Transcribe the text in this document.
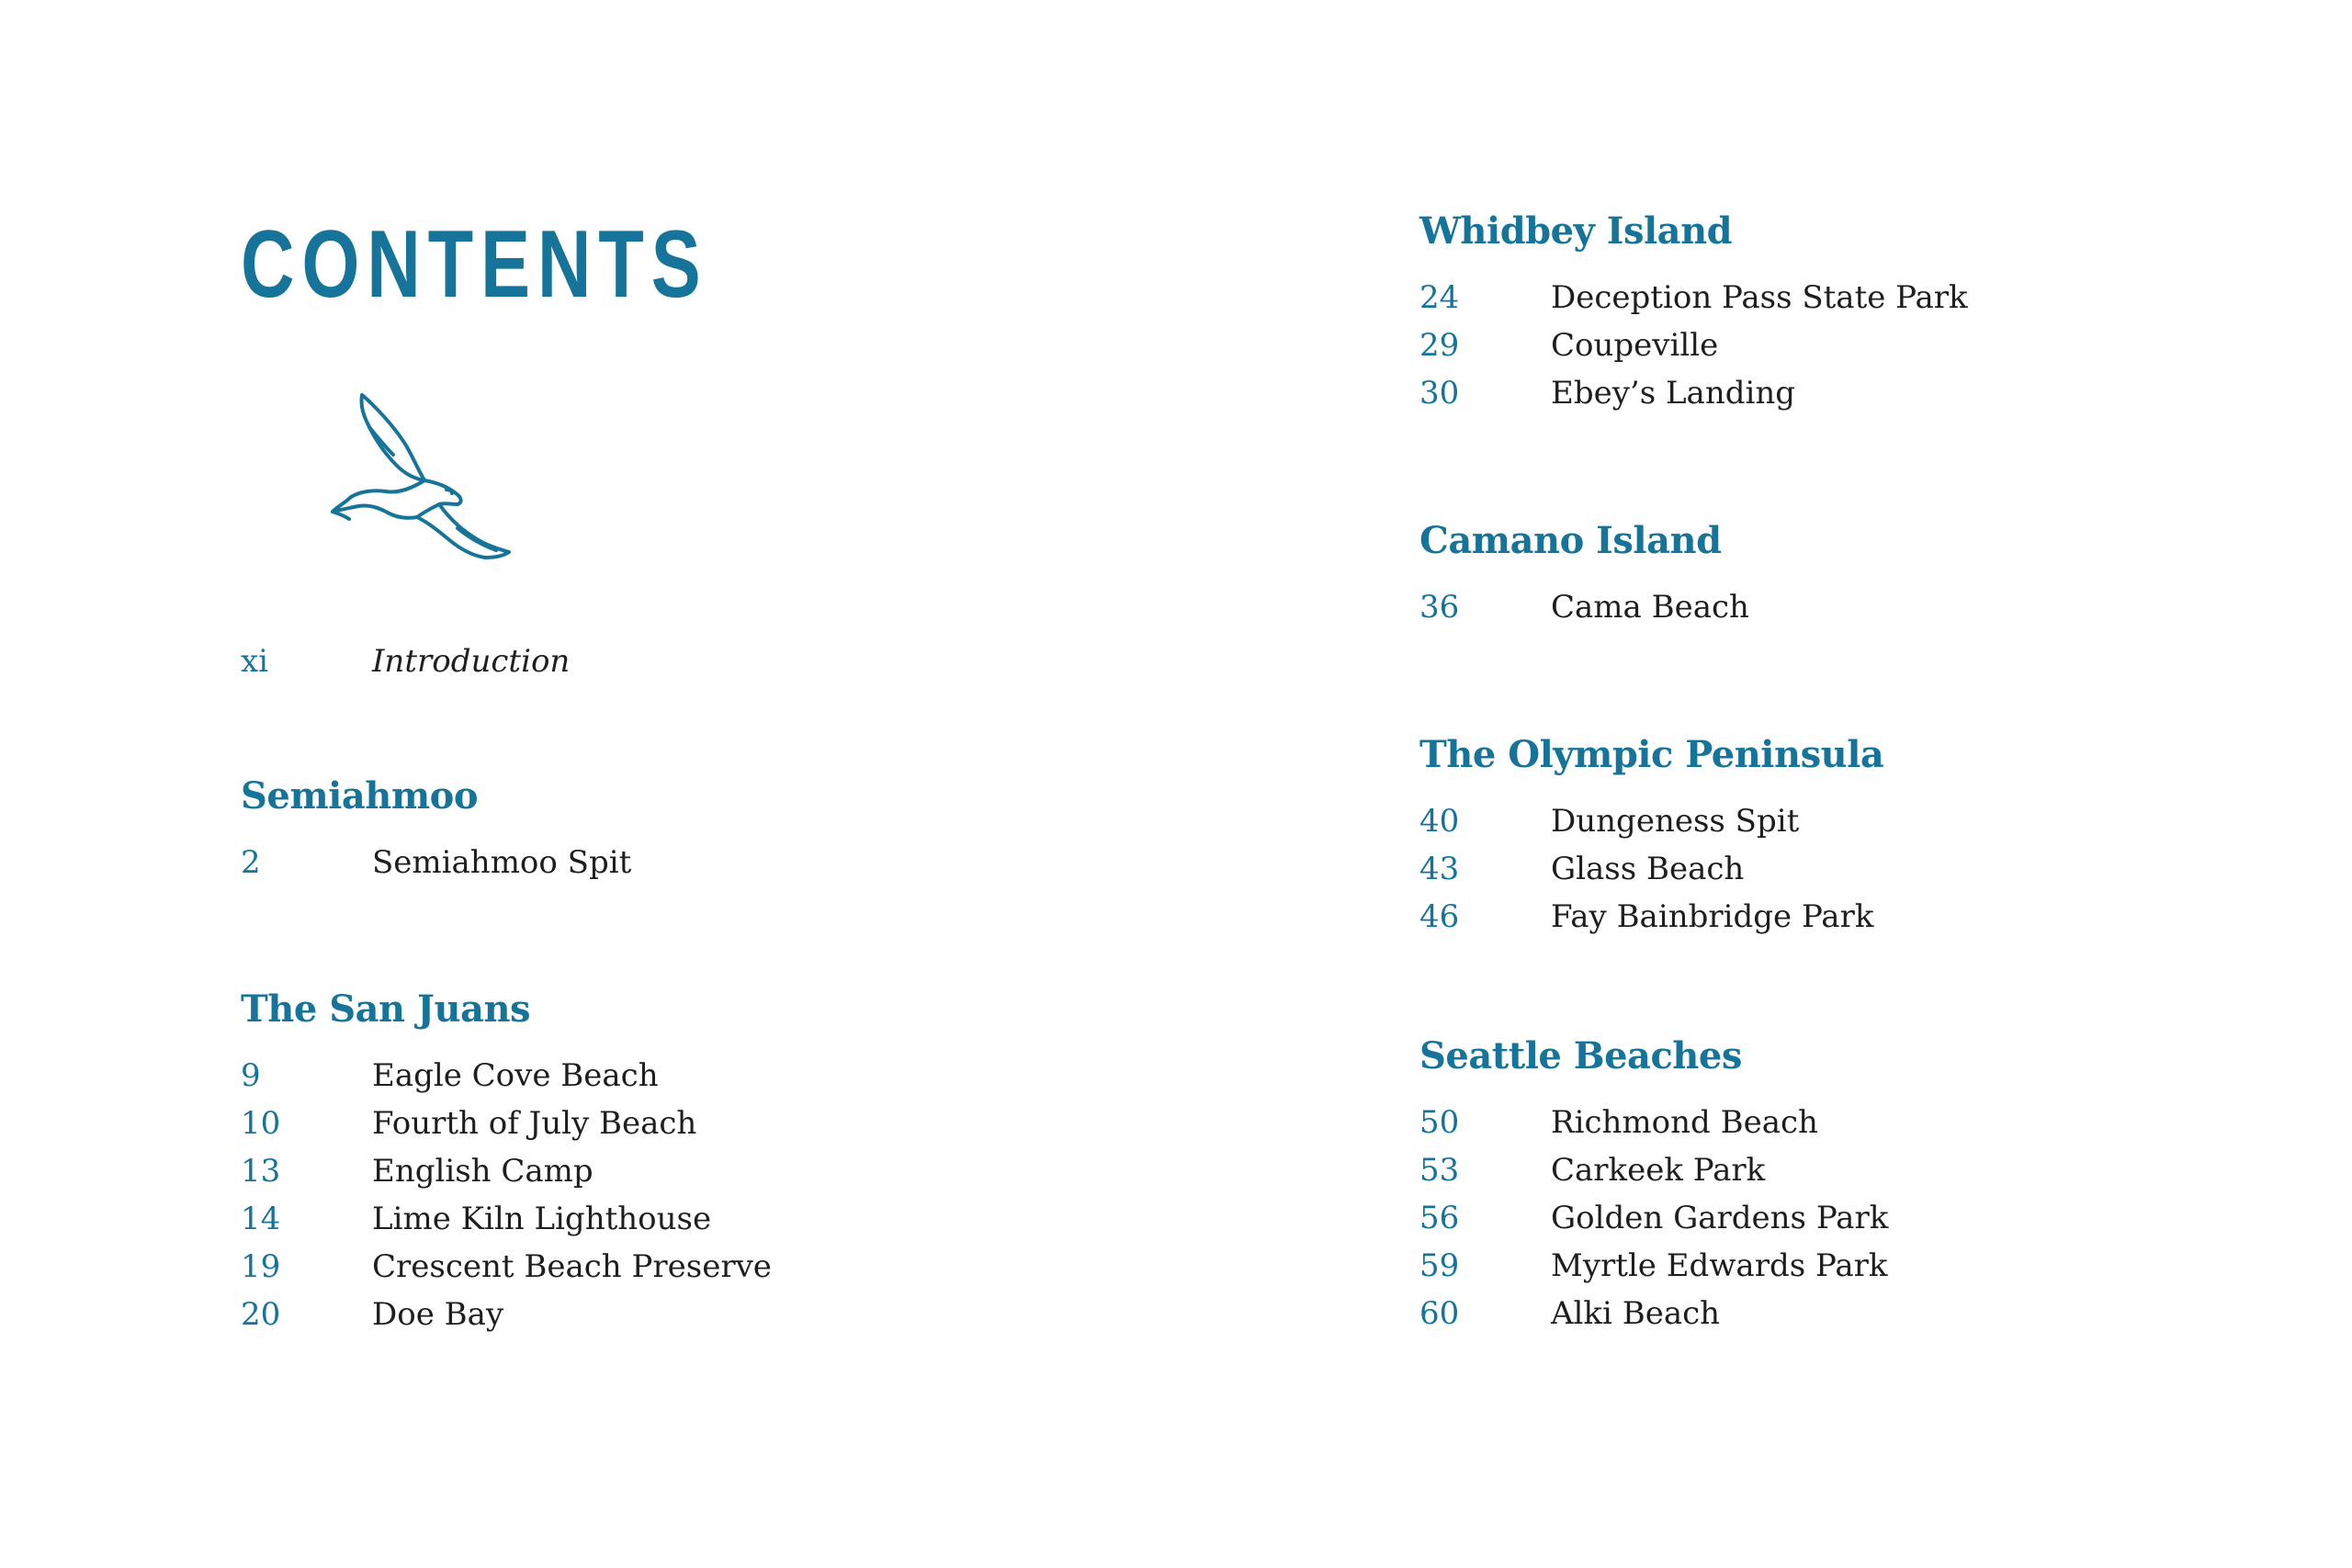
CONTENTS
xi	Introduction
Semiahmoo
2	Semiahmoo Spit
The San Juans
9	Eagle Cove Beach
10	Fourth of July Beach
13	English Camp
14	Lime Kiln Lighthouse
19	Crescent Beach Preserve
20	Doe Bay
Whidbey Island
24	Deception Pass State Park
29	Coupeville
30	Ebey’s Landing
Camano Island
36	Cama Beach
The Olympic Peninsula
40	Dungeness Spit
43	Glass Beach
46	Fay Bainbridge Park
Seattle Beaches
50	Richmond Beach
53	Carkeek Park
56	Golden Gardens Park
59	Myrtle Edwards Park
60	Alki Beach
